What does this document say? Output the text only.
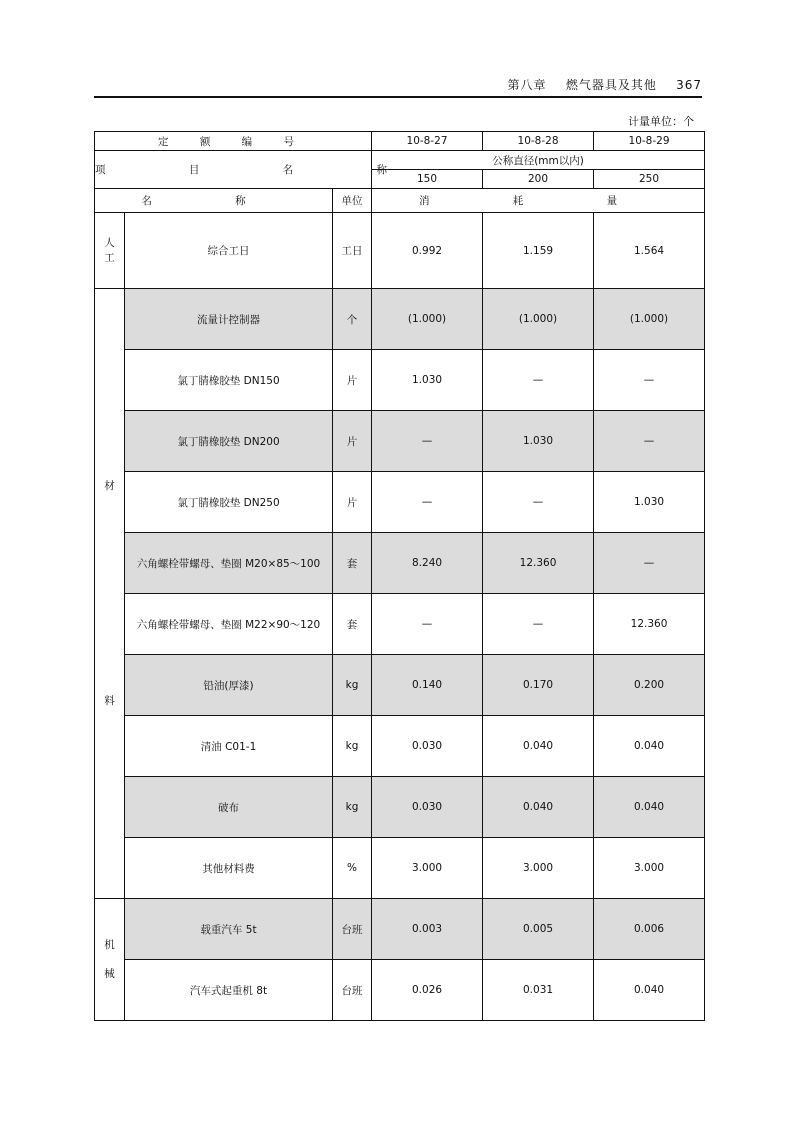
第八章 燃气器具及其他 367
计量单位：个
定 额 编 号			10-8-27	10-8-28	10-8-29
项 目 名 称			公称直径(mm以内)		
			150	200	250
名 称		单位	消 耗 量		

人
工	综合工日	工日	0.992	1.159	1.564

材
料	流量计控制器	个	(1.000)	(1.000)	(1.000)
	氯丁腈橡胶垫 DN150	片	1.030	—	—
	氯丁腈橡胶垫 DN200	片	—	1.030	—
	氯丁腈橡胶垫 DN250	片	—	—	1.030
	六角螺栓带螺母、垫圈 M20×85～100	套	8.240	12.360	—
	六角螺栓带螺母、垫圈 M22×90～120	套	—	—	12.360
	铅油(厚漆)	kg	0.140	0.170	0.200
	清油 C01-1	kg	0.030	0.040	0.040
	破布	kg	0.030	0.040	0.040
	其他材料费	%	3.000	3.000	3.000

机
械	载重汽车 5t	台班	0.003	0.005	0.006
	汽车式起重机 8t	台班	0.026	0.031	0.040
